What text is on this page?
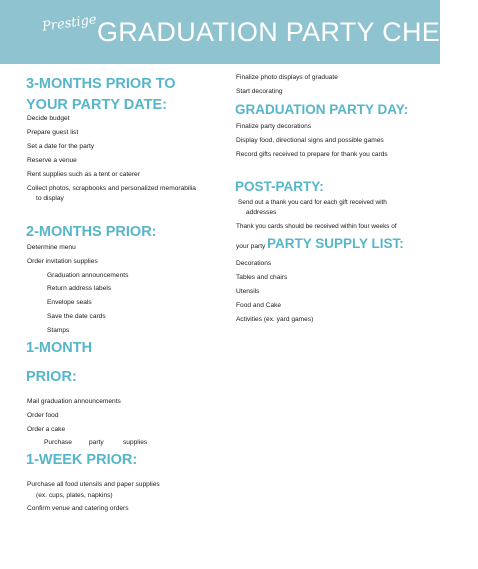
Prestige GRADUATION PARTY CHECK
3-MONTHS PRIOR TO
YOUR PARTY DATE:
Decide budget
Prepare guest list
Set a date for the party
Reserve a venue
Rent supplies such as a tent or caterer
Collect photos, scrapbooks and personalized memorabilia
to display
2-MONTHS PRIOR:
Determine menu
Order invitation supplies
Graduation announcements
Return address labels
Envelope seals
Save the date cards
Stamps
1-MONTH
PRIOR:
Mail graduation announcements
Order food
Order a cake
Purchase	party	supplies
1-WEEK PRIOR:
Purchase all food utensils and paper supplies
(ex. cups, plates, napkins)
Confirm venue and catering orders
Finalize photo displays of graduate
Start decorating
GRADUATION PARTY DAY:
Finalize party decorations
Display food, directional signs and possible games
Record gifts received to prepare for thank you cards
POST-PARTY:
Send out a thank you card for each gift received with
addresses
Thank you cards should be received within four weeks of
your party PARTY SUPPLY LIST:
Decorations
Tables and chairs
Utensils
Food and Cake
Activities (ex. yard games)
